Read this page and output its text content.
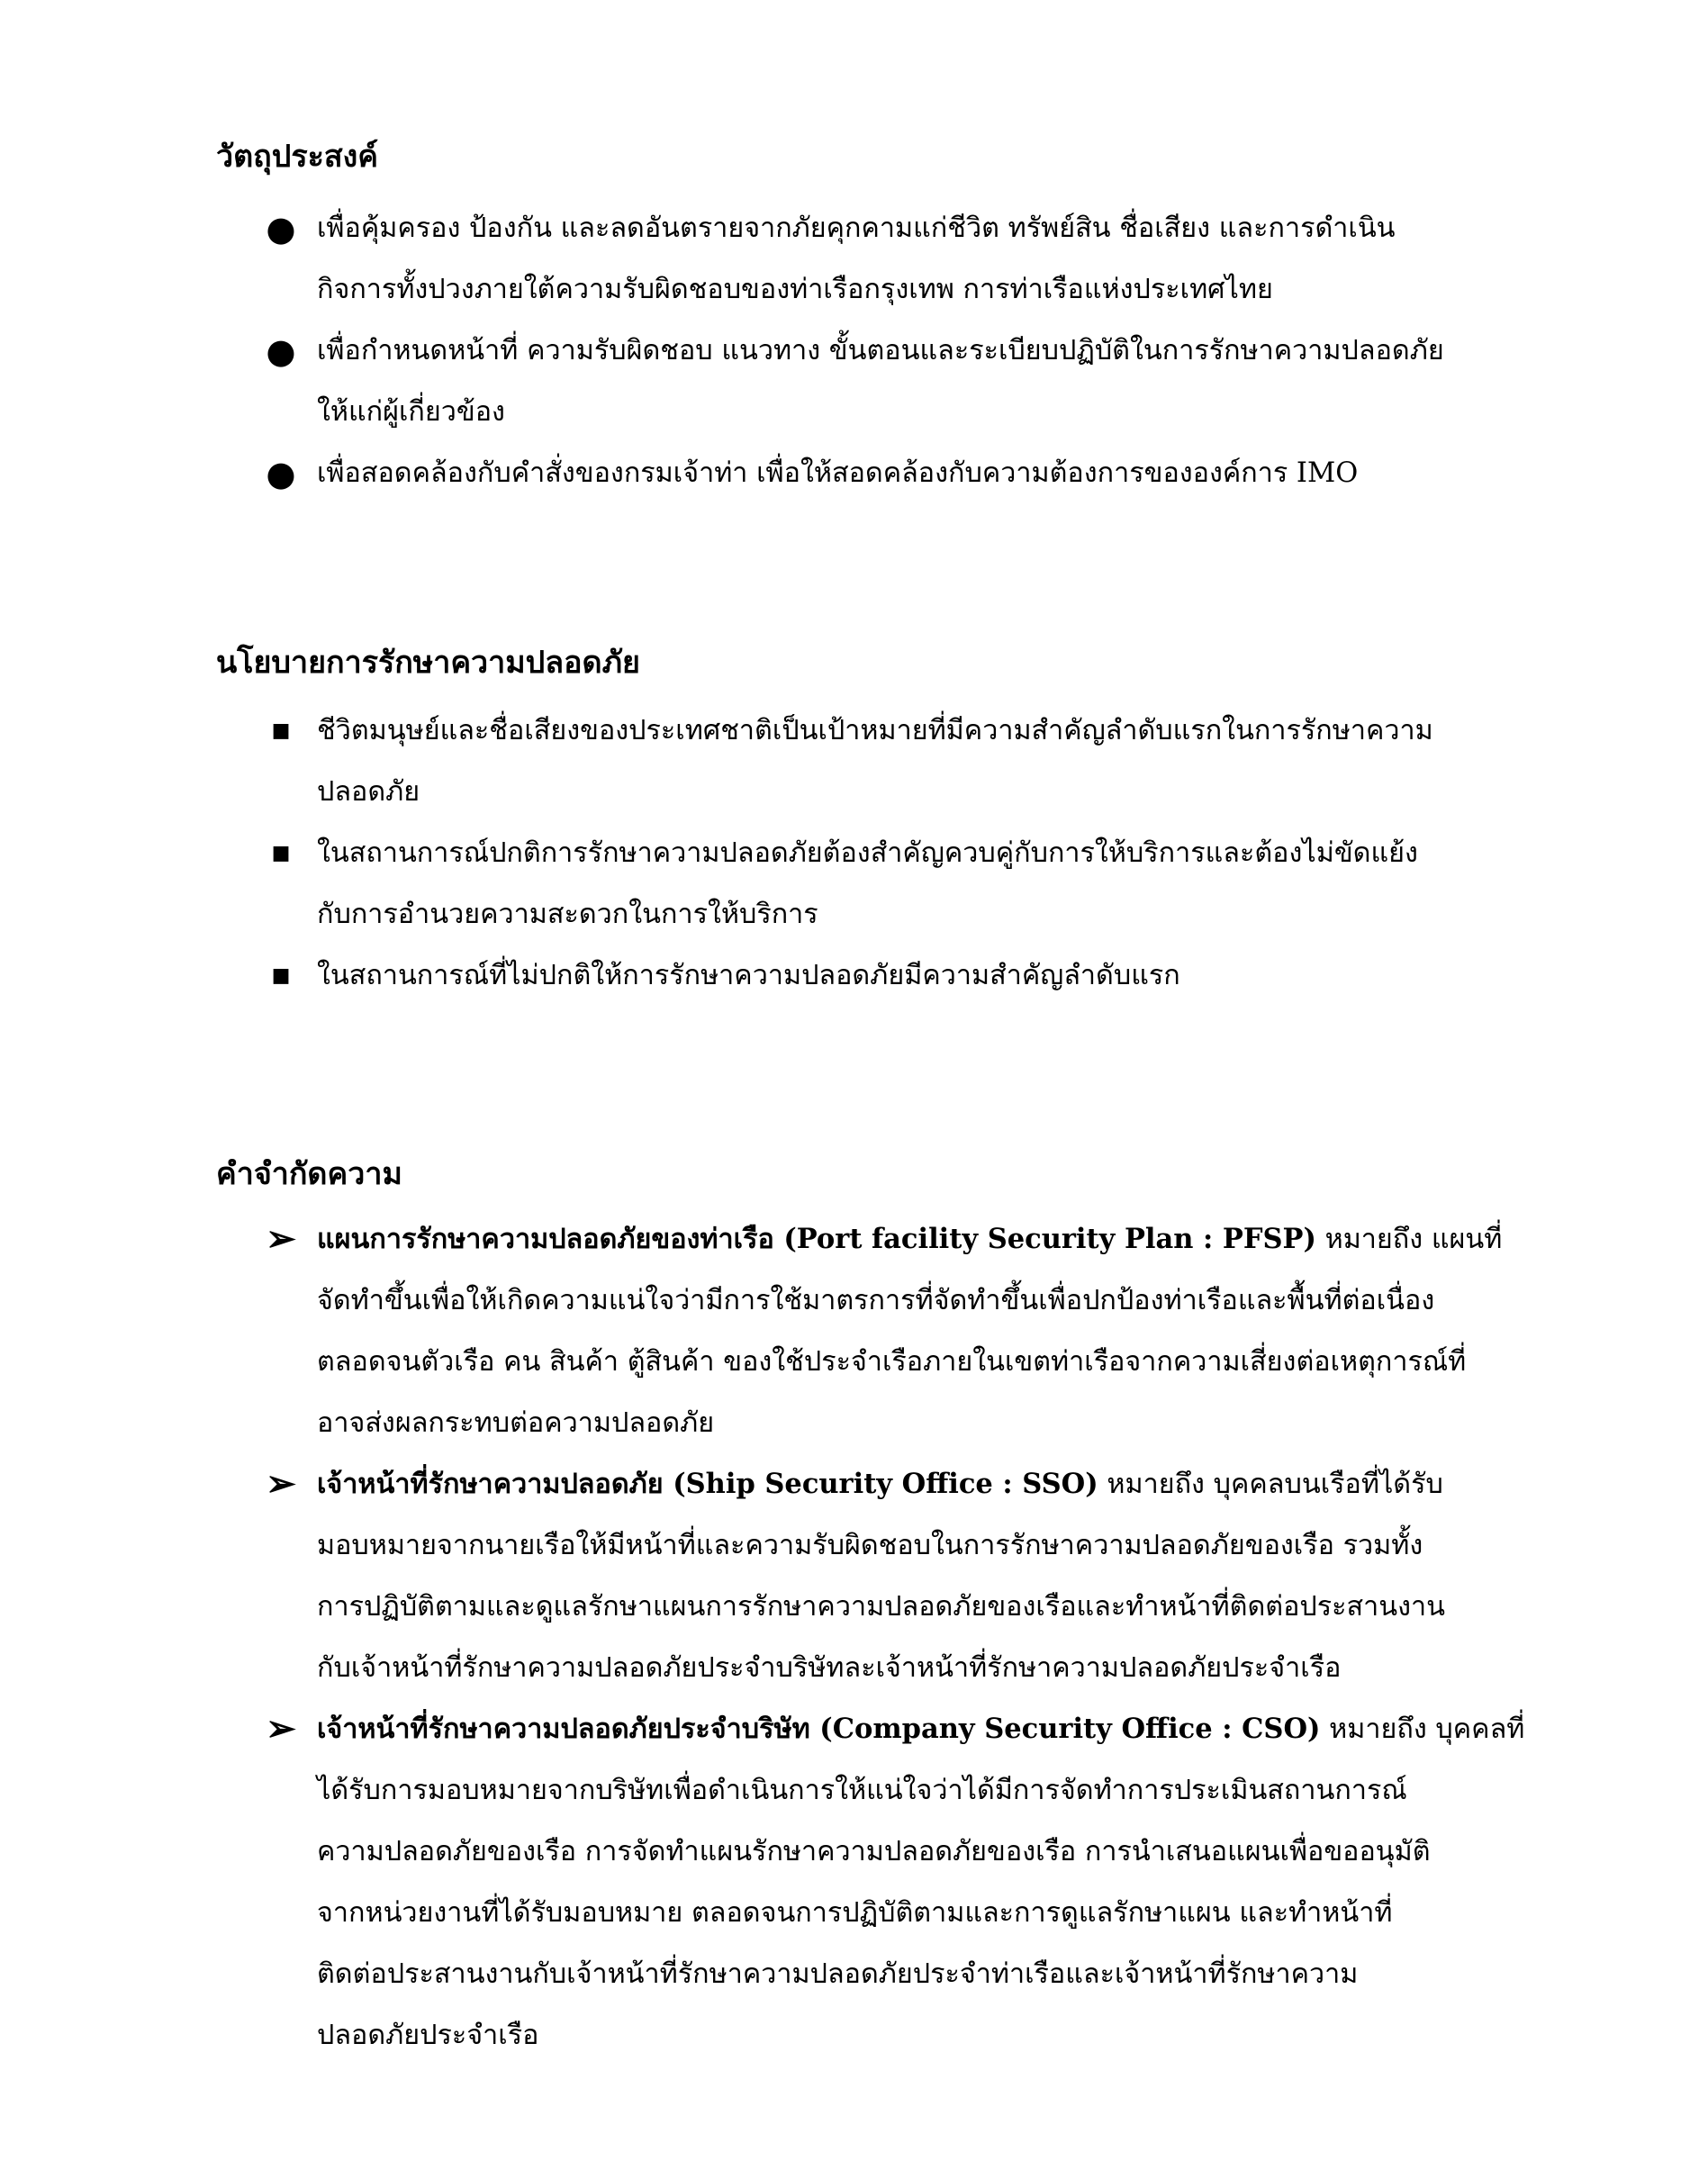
วัตถุประสงค์
● เพื่อคุ้มครอง ป้องกัน และลดอันตรายจากภัยคุกคามแก่ชีวิต ทรัพย์สิน ชื่อเสียง และการดำเนิน
กิจการทั้งปวงภายใต้ความรับผิดชอบของท่าเรือกรุงเทพ การท่าเรือแห่งประเทศไทย
● เพื่อกำหนดหน้าที่ ความรับผิดชอบ แนวทาง ขั้นตอนและระเบียบปฏิบัติในการรักษาความปลอดภัย
ให้แก่ผู้เกี่ยวข้อง
● เพื่อสอดคล้องกับคำสั่งของกรมเจ้าท่า เพื่อให้สอดคล้องกับความต้องการขององค์การ IMO
นโยบายการรักษาความปลอดภัย
■ ชีวิตมนุษย์และชื่อเสียงของประเทศชาติเป็นเป้าหมายที่มีความสำคัญลำดับแรกในการรักษาความ
ปลอดภัย
■ ในสถานการณ์ปกติการรักษาความปลอดภัยต้องสำคัญควบคู่กับการให้บริการและต้องไม่ขัดแย้ง
กับการอำนวยความสะดวกในการให้บริการ
■ ในสถานการณ์ที่ไม่ปกติให้การรักษาความปลอดภัยมีความสำคัญลำดับแรก
คำจำกัดความ
➢ แผนการรักษาความปลอดภัยของท่าเรือ (Port facility Security Plan : PFSP) หมายถึง แผนที่
จัดทำขึ้นเพื่อให้เกิดความแน่ใจว่ามีการใช้มาตรการที่จัดทำขึ้นเพื่อปกป้องท่าเรือและพื้นที่ต่อเนื่อง
ตลอดจนตัวเรือ คน สินค้า ตู้สินค้า ของใช้ประจำเรือภายในเขตท่าเรือจากความเสี่ยงต่อเหตุการณ์ที่
อาจส่งผลกระทบต่อความปลอดภัย
➢ เจ้าหน้าที่รักษาความปลอดภัย (Ship Security Office : SSO) หมายถึง บุคคลบนเรือที่ได้รับ
มอบหมายจากนายเรือให้มีหน้าที่และความรับผิดชอบในการรักษาความปลอดภัยของเรือ รวมทั้ง
การปฏิบัติตามและดูแลรักษาแผนการรักษาความปลอดภัยของเรือและทำหน้าที่ติดต่อประสานงาน
กับเจ้าหน้าที่รักษาความปลอดภัยประจำบริษัทละเจ้าหน้าที่รักษาความปลอดภัยประจำเรือ
➢ เจ้าหน้าที่รักษาความปลอดภัยประจำบริษัท (Company Security Office : CSO) หมายถึง บุคคลที่
ได้รับการมอบหมายจากบริษัทเพื่อดำเนินการให้แน่ใจว่าได้มีการจัดทำการประเมินสถานการณ์
ความปลอดภัยของเรือ การจัดทำแผนรักษาความปลอดภัยของเรือ การนำเสนอแผนเพื่อขออนุมัติ
จากหน่วยงานที่ได้รับมอบหมาย ตลอดจนการปฏิบัติตามและการดูแลรักษาแผน และทำหน้าที่
ติดต่อประสานงานกับเจ้าหน้าที่รักษาความปลอดภัยประจำท่าเรือและเจ้าหน้าที่รักษาความ
ปลอดภัยประจำเรือ
